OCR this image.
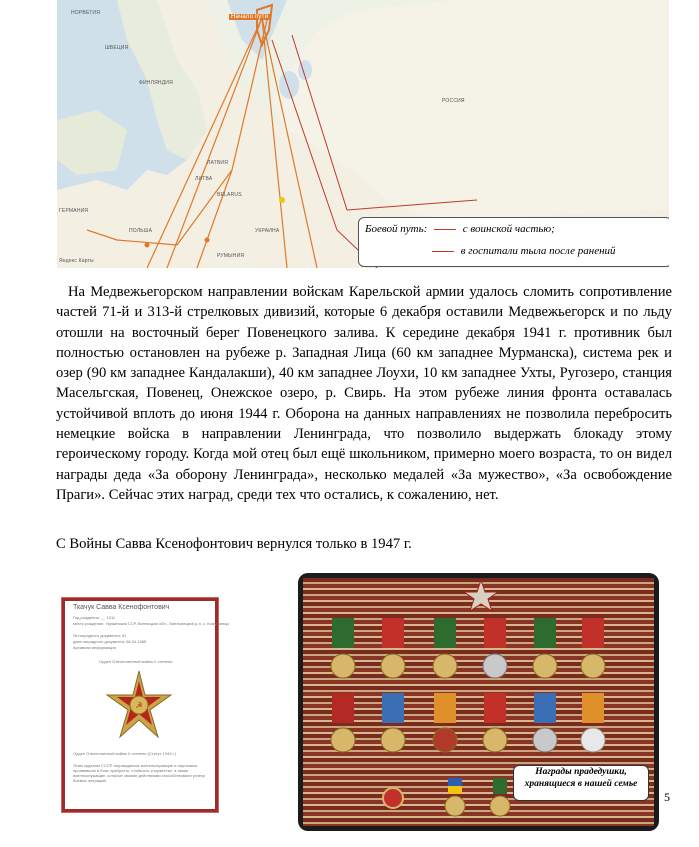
ФИНЛЯНДИЯ
НОРВЕГИЯ
ШВЕЦИЯ
РОССИЯ
ГЕРМАНИЯ
ПОЛЬША
BELARUS
УКРАИНА
РУМЫНИЯ
ЛАТВИЯ
ЛИТВА
Начало пути
Яндекс Карты
Боевой путь:	с воинской частью;
в госпитали тыла после ранений
На Медвежьегорском направлении войскам Карельской армии удалось сломить сопротивление частей 71-й и 313-й стрелковых дивизий, которые 6 декабря оставили Медвежьегорск и по льду отошли на восточный берег Повенецкого залива. К середине декабря 1941 г. противник был полностью остановлен на рубеже р. Западная Лица (60 км западнее Мурманска), система рек и озер (90 км западнее Кандалакши), 40 км западнее Лоухи, 10 км западнее Ухты, Ругозеро, станция Масельгская, Повенец, Онежское озеро, р. Свирь. На этом рубеже линия фронта оставалась устойчивой вплоть до июня 1944 г. Оборона на данных направлениях не позволила перебросить немецкие войска в направлении Ленинграда, что позволило выдержать блокаду этому героическому городу. Когда мой отец был ещё школьником, примерно моего возраста, то он видел награды деда «За оборону Ленинграда», несколько медалей «За мужество», «За освобождение Праги». Сейчас этих наград, среди тех что остались, к сожалению, нет.
С Войны Савва Ксенофонтович вернулся только в 1947 г.
Ткачук Савва Ксенофонтович
Год рождения: __ 1911
место рождения: Украинская ССР, Винницкая обл., Хмельницкий р-н, с. Кожушинцы
№ наградного документа: 61
дата наградного документа: 06.04.1985
Архивная информация
Орден Отечественной войны II степени
☭
Орден Отечественной войны II степени (Статут 1943 г.)
Этим орденом СССР награждались военнослужащие и партизаны, проявившие в боях храбрость, стойкость и мужество, а также военнослужащие, которые своими действиями способствовали успеху боевых операций.
Награды прадедушки,
хранящиеся в нашей семье
5
